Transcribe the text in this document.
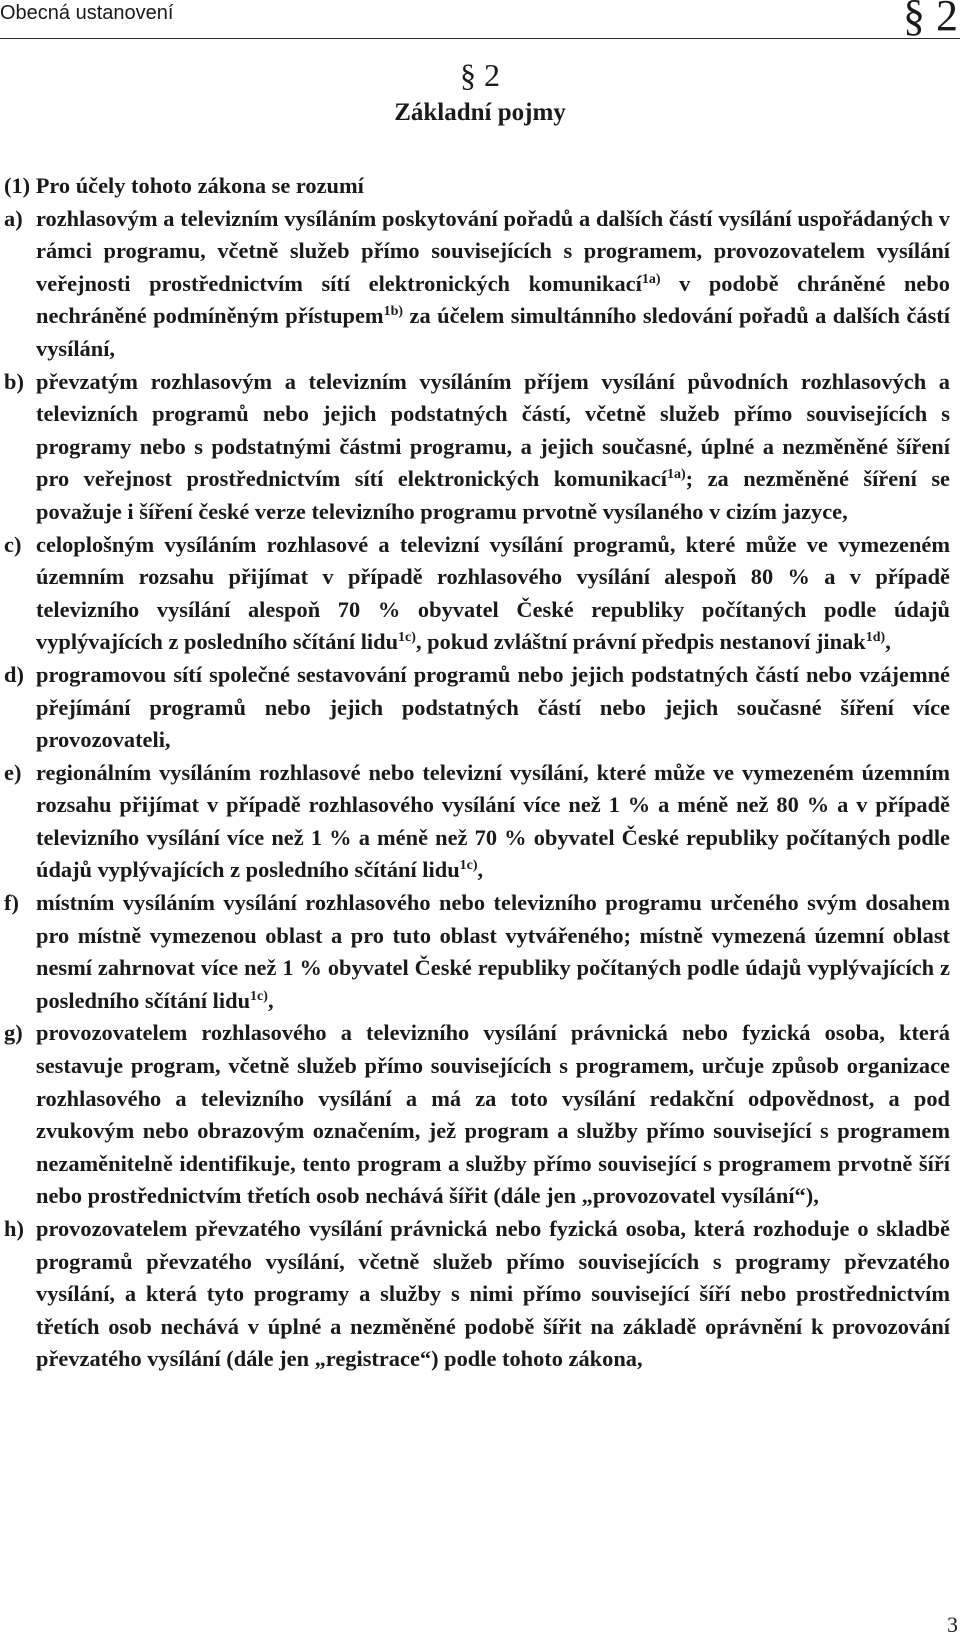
Obecná ustanovení	§ 2
§ 2
Základní pojmy

(1) Pro účely tohoto zákona se rozumí

a) rozhlasovým a televizním vysíláním poskytování pořadů a dalších částí vysílání uspořádaných v rámci programu, včetně služeb přímo souvisejících s programem, provozovatelem vysílání veřejnosti prostřednictvím sítí elektronických komunikací$^{1a)}$ v podobě chráněné nebo nechráněné podmíněným přístupem$^{1b)}$ za účelem simultánního sledování pořadů a dalších částí vysílání,
b) převzatým rozhlasovým a televizním vysíláním příjem vysílání původních rozhlasových a televizních programů nebo jejich podstatných částí, včetně služeb přímo souvisejících s programy nebo s podstatnými částmi programu, a jejich současné, úplné a nezměněné šíření pro veřejnost prostřednictvím sítí elektronických komunikací$^{1a)}$; za nezměněné šíření se považuje i šíření české verze televizního programu prvotně vysílaného v cizím jazyce,
c) celoplošným vysíláním rozhlasové a televizní vysílání programů, které může ve vymezeném územním rozsahu přijímat v případě rozhlasového vysílání alespoň 80 % a v případě televizního vysílání alespoň 70 % obyvatel České republiky počítaných podle údajů vyplývajících z posledního sčítání lidu$^{1c)}$, pokud zvláštní právní předpis nestanoví jinak$^{1d)}$,
d) programovou sítí společné sestavování programů nebo jejich podstatných částí nebo vzájemné přejímání programů nebo jejich podstatných částí nebo jejich současné šíření více provozovateli,
e) regionálním vysíláním rozhlasové nebo televizní vysílání, které může ve vymezeném územním rozsahu přijímat v případě rozhlasového vysílání více než 1 % a méně než 80 % a v případě televizního vysílání více než 1 % a méně než 70 % obyvatel České republiky počítaných podle údajů vyplývajících z posledního sčítání lidu$^{1c)}$,
f) místním vysíláním vysílání rozhlasového nebo televizního programu určeného svým dosahem pro místně vymezenou oblast a pro tuto oblast vytvářeného; místně vymezená územní oblast nesmí zahrnovat více než 1 % obyvatel České republiky počítaných podle údajů vyplývajících z posledního sčítání lidu$^{1c)}$,
g) provozovatelem rozhlasového a televizního vysílání právnická nebo fyzická osoba, která sestavuje program, včetně služeb přímo souvisejících s programem, určuje způsob organizace rozhlasového a televizního vysílání a má za toto vysílání redakční odpovědnost, a pod zvukovým nebo obrazovým označením, jež program a služby přímo související s programem nezaměnitelně identifikuje, tento program a služby přímo související s programem prvotně šíří nebo prostřednictvím třetích osob nechává šířit (dále jen „provozovatel vysílání“),
h) provozovatelem převzatého vysílání právnická nebo fyzická osoba, která rozhoduje o skladbě programů převzatého vysílání, včetně služeb přímo souvisejících s programy převzatého vysílání, a která tyto programy a služby s nimi přímo související šíří nebo prostřednictvím třetích osob nechává v úplné a nezměněné podobě šířit na základě oprávnění k provozování převzatého vysílání (dále jen „registrace“) podle tohoto zákona,
3
